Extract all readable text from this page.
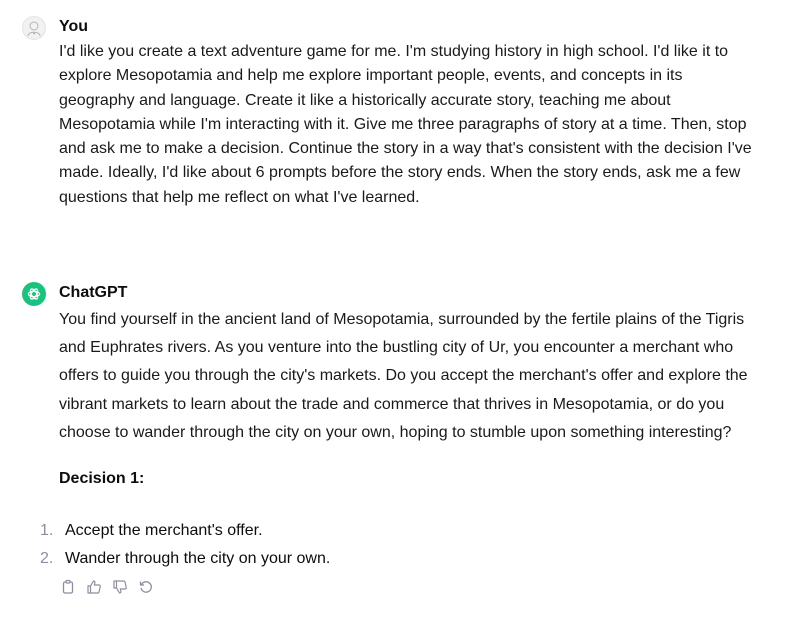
You
I'd like you create a text adventure game for me. I'm studying history in high school. I'd like it to explore Mesopotamia and help me explore important people, events, and concepts in its geography and language. Create it like a historically accurate story, teaching me about Mesopotamia while I'm interacting with it. Give me three paragraphs of story at a time. Then, stop and ask me to make a decision. Continue the story in a way that's consistent with the decision I've made. Ideally, I'd like about 6 prompts before the story ends. When the story ends, ask me a few questions that help me reflect on what I've learned.
ChatGPT
You find yourself in the ancient land of Mesopotamia, surrounded by the fertile plains of the Tigris and Euphrates rivers. As you venture into the bustling city of Ur, you encounter a merchant who offers to guide you through the city's markets. Do you accept the merchant's offer and explore the vibrant markets to learn about the trade and commerce that thrives in Mesopotamia, or do you choose to wander through the city on your own, hoping to stumble upon something interesting?
Decision 1:
1. Accept the merchant's offer.
2. Wander through the city on your own.
